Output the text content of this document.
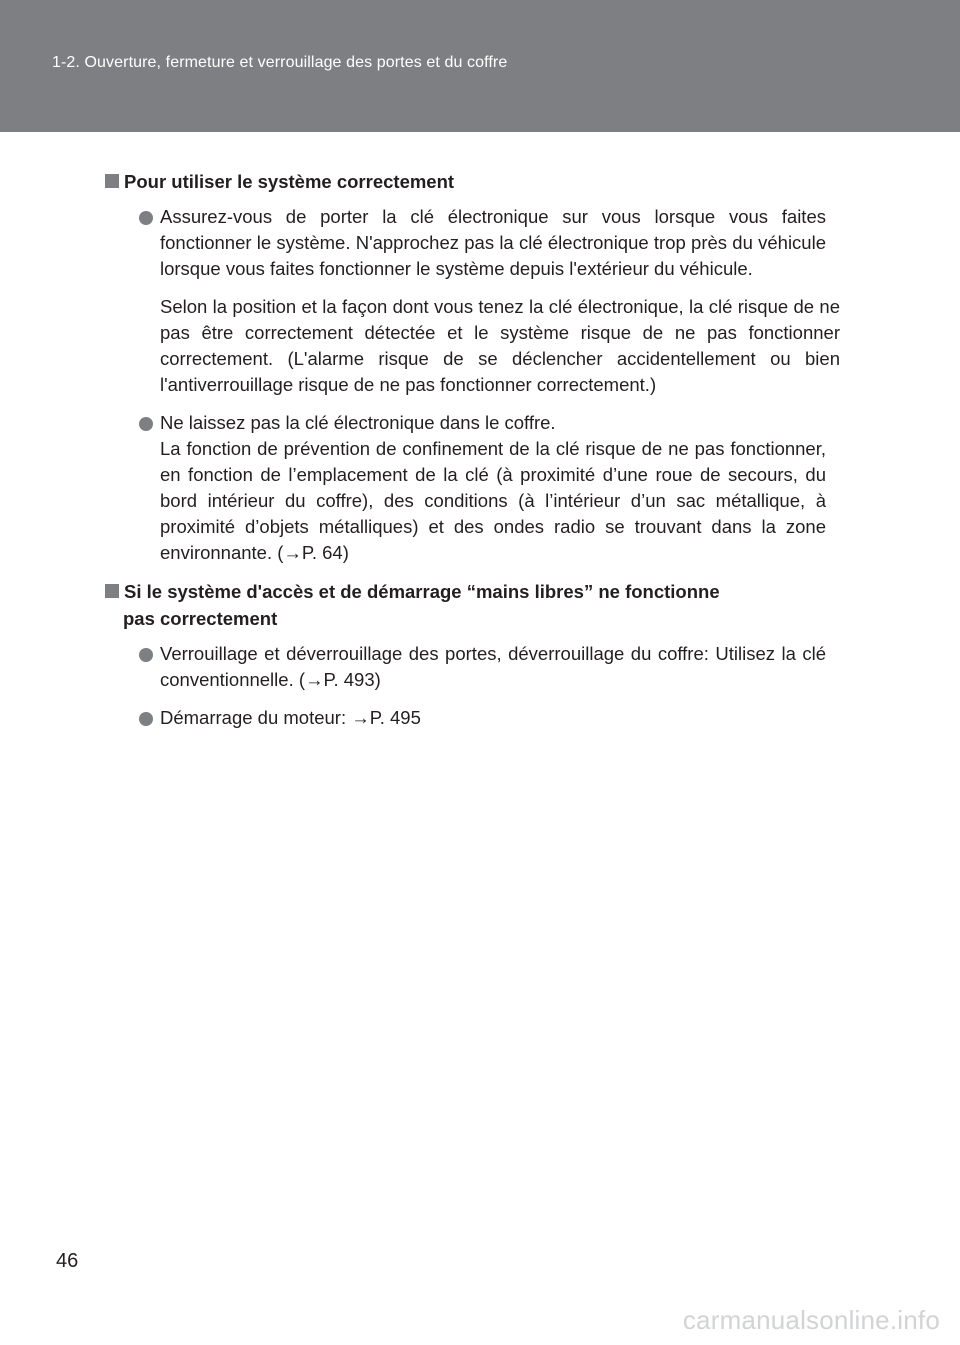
1-2. Ouverture, fermeture et verrouillage des portes et du coffre
Pour utiliser le système correctement
Assurez-vous de porter la clé électronique sur vous lorsque vous faites fonctionner le système. N'approchez pas la clé électronique trop près du véhicule lorsque vous faites fonctionner le système depuis l'extérieur du véhicule.
Selon la position et la façon dont vous tenez la clé électronique, la clé risque de ne pas être correctement détectée et le système risque de ne pas fonctionner correctement. (L'alarme risque de se déclencher accidentellement ou bien l'antiverrouillage risque de ne pas fonctionner correctement.)
Ne laissez pas la clé électronique dans le coffre.
La fonction de prévention de confinement de la clé risque de ne pas fonctionner, en fonction de l’emplacement de la clé (à proximité d’une roue de secours, du bord intérieur du coffre), des conditions (à l’intérieur d’un sac métallique, à proximité d’objets métalliques) et des ondes radio se trouvant dans la zone environnante. (→P. 64)
Si le système d'accès et de démarrage “mains libres” ne fonctionne
pas correctement
Verrouillage et déverrouillage des portes, déverrouillage du coffre: Utilisez la clé conventionnelle. (→P. 493)
Démarrage du moteur: →P. 495
46
carmanualsonline.info
